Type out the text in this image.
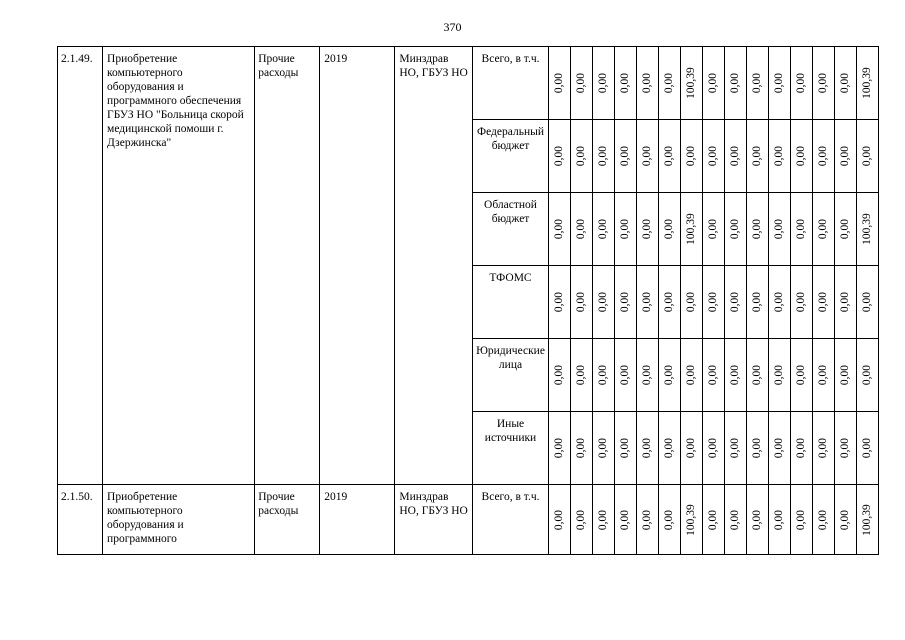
370
2.1.49.	Приобретение компьютерного оборудования и программного обеспечения ГБУЗ НО "Больница скорой медицинской помоши г. Дзержинска"	Прочие расходы	2019	Минздрав НО, ГБУЗ НО	Всего, в т.ч.	0,00	0,00	0,00	0,00	0,00	0,00	100,39	0,00	0,00	0,00	0,00	0,00	0,00	0,00	100,39

					Федеральный бюджет	0,00	0,00	0,00	0,00	0,00	0,00	0,00	0,00	0,00	0,00	0,00	0,00	0,00	0,00	0,00

					Областной бюджет	0,00	0,00	0,00	0,00	0,00	0,00	100,39	0,00	0,00	0,00	0,00	0,00	0,00	0,00	100,39

					ТФОМС	0,00	0,00	0,00	0,00	0,00	0,00	0,00	0,00	0,00	0,00	0,00	0,00	0,00	0,00	0,00

					Юридические лица	0,00	0,00	0,00	0,00	0,00	0,00	0,00	0,00	0,00	0,00	0,00	0,00	0,00	0,00	0,00

					Иные источники	0,00	0,00	0,00	0,00	0,00	0,00	0,00	0,00	0,00	0,00	0,00	0,00	0,00	0,00	0,00

2.1.50.	Приобретение компьютерного оборудования и программного	Прочие расходы	2019	Минздрав НО, ГБУЗ НО	Всего, в т.ч.	0,00	0,00	0,00	0,00	0,00	0,00	100,39	0,00	0,00	0,00	0,00	0,00	0,00	0,00	100,39
